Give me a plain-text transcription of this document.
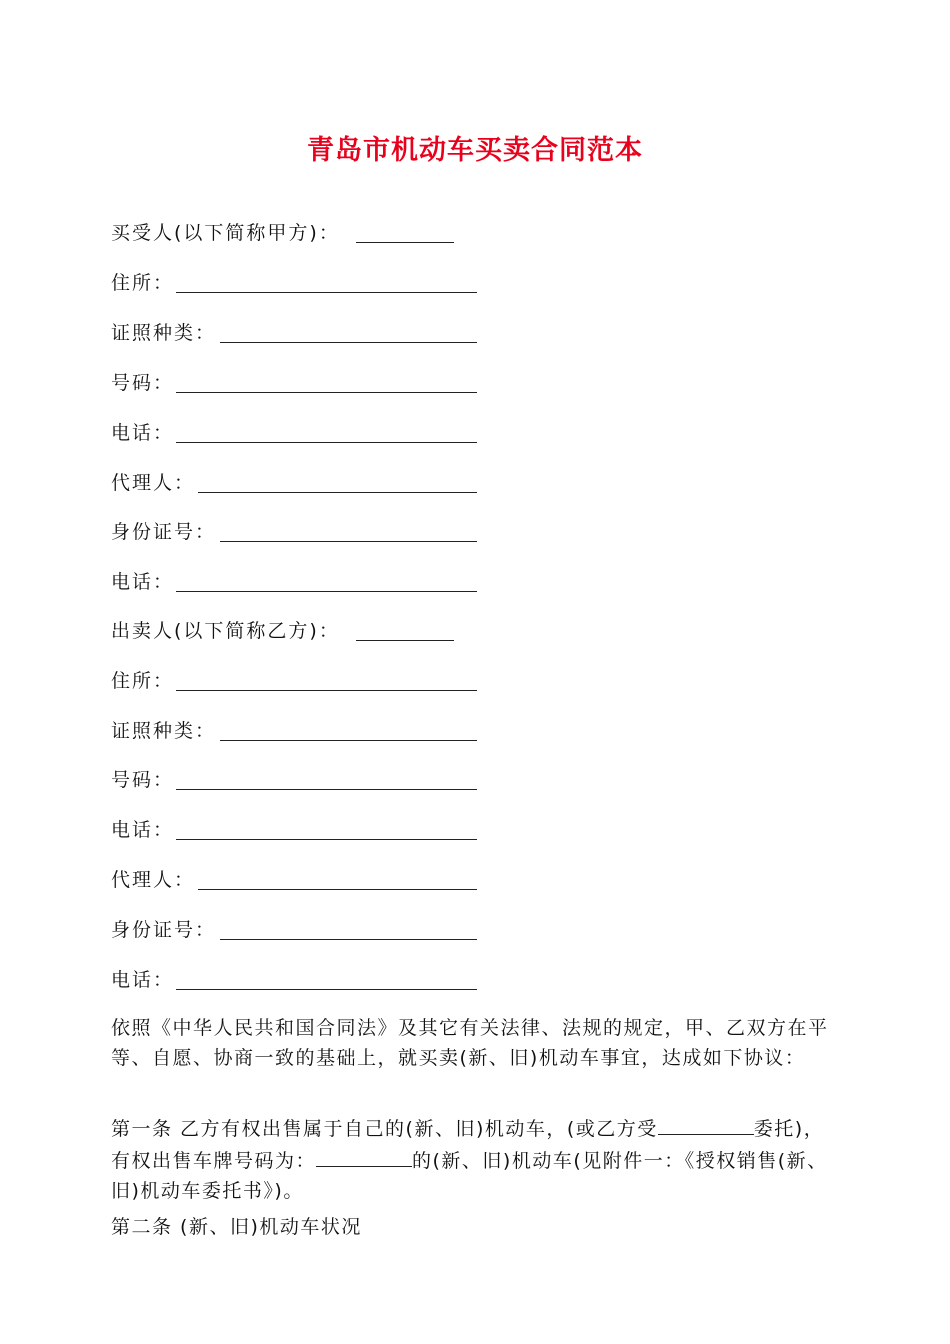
青岛市机动车买卖合同范本
买受人(以下简称甲方)：
住所：
证照种类：
号码：
电话：
代理人：
身份证号：
电话：
出卖人(以下简称乙方)：
住所：
证照种类：
号码：
电话：
代理人：
身份证号：
电话：
依照《中华人民共和国合同法》及其它有关法律、法规的规定，甲、乙双方在平等、自愿、协商一致的基础上，就买卖(新、旧)机动车事宜，达成如下协议：
第一条 乙方有权出售属于自己的(新、旧)机动车，(或乙方受	委托)，有权出售车牌号码为：	的(新、旧)机动车(见附件一：《授权销售(新、旧)机动车委托书》)。
第二条 (新、旧)机动车状况
